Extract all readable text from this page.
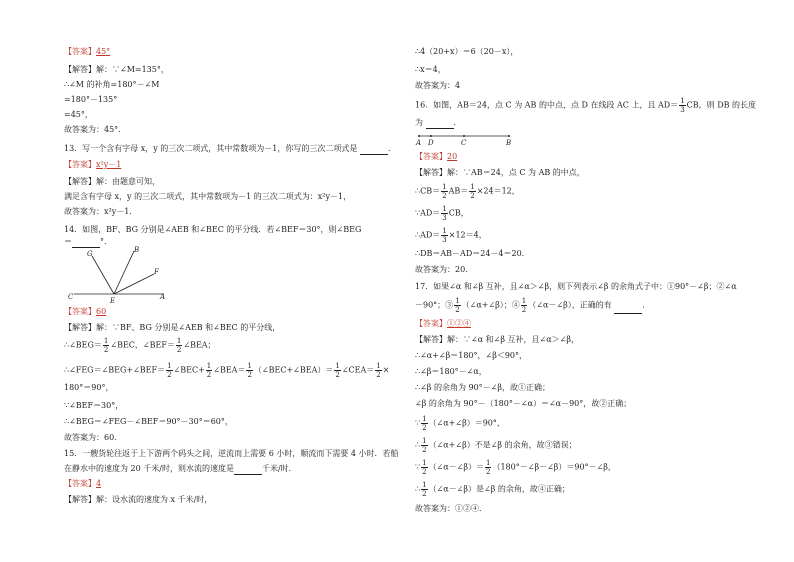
【答案】45°
【解答】解：∵∠M=135°，
∴∠M 的补角=180°－∠M
=180°－135°
=45°，
故答案为：45°．
13．写一个含有字母 x，y 的三次二项式，其中常数项为－1，你写的三次二项式是	．
【答案】x²y－1
【解答】解：由题意可知，
满足含有字母 x，y 的三次二项式，其中常数项为－1 的三次二项式为：x²y－1，
故答案为：x²y－1．
14．如图，BF、BG 分别是∠AEB 和∠BEC 的平分线．若∠BEF＝30°，则∠BEG
＝	°．
G	B
F
C	E	A
【答案】60
【解答】解：∵BF、BG 分别是∠AEB 和∠BEC 的平分线，
∴∠BEG＝ $\frac{1}{2}$ ∠BEC，∠BEF＝ $\frac{1}{2}$ ∠BEA；
∴∠FEG＝∠BEG+∠BEF＝ $\frac{1}{2}$ ∠BEC+ $\frac{1}{2}$ ∠BEA＝ $\frac{1}{2}$ （∠BEC+∠BEA）＝ $\frac{1}{2}$ ∠CEA＝ $\frac{1}{2}$ ×
180°＝90°，
∵∠BEF＝30°，
∴∠BEG＝∠FEG－∠BEF＝90°－30°＝60°，
故答案为：60．
15．一艘货轮往返于上下游两个码头之间，逆流而上需要 6 小时，顺流而下需要 4 小时．若船
在静水中的速度为 20 千米/时，则水流的速度是	千米/时．
【答案】4
【解答】解：设水流的速度为 x 千米/时，
∴4（20+x）＝6（20－x），
∴x＝4，
故答案为：4
16．如图，AB＝24，点 C 为 AB 的中点，点 D 在线段 AC 上，且 $AD= \frac{1}{3}$ CB，则 DB 的长度
为	．
A D	C	B
【答案】20
【解答】解：∵AB＝24，点 C 为 AB 的中点，
∴CB＝ $\frac{1}{2} AB= \frac{1}{2} \times 24=12$，
∵AD＝ $\frac{1}{3}$ CB，
∴AD＝ $\frac{1}{3} \times 12=4$，
∴DB＝AB－AD＝24－4＝20．
故答案为：20．
17．如果∠α 和∠β 互补，且∠α＞∠β，则下列表示∠β 的余角式子中：①90°－∠β；②∠α
－90°；③ $\frac{1}{2}$ （∠α+∠β）；④ $\frac{1}{2}$ （∠α－∠β），正确的有	．
【答案】①②④
【解答】解：∵∠α 和∠β 互补，且∠α＞∠β，
∴∠α+∠β＝180°，∠β＜90°，
∴∠β＝180°－∠α，
∴∠β 的余角为 90°－∠β，故①正确；
∠β 的余角为 90°－（180°－∠α）＝∠α－90°，故②正确；
∵ $\frac{1}{2}$ （∠α+∠β）＝90°，
∴ $\frac{1}{2}$ （∠α+∠β）不是∠β 的余角，故③错误；
∵ $\frac{1}{2}$ （∠α－∠β）＝ $\frac{1}{2}$ （180°－∠β－∠β）＝90°－∠β，
∴ $\frac{1}{2}$ （∠α－∠β）是∠β 的余角，故④正确；
故答案为：①②④．
